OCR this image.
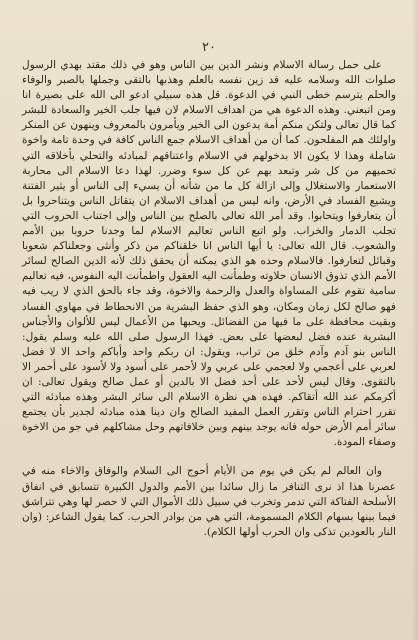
٢٠

على حمل رسالة الاسلام ونشر الدين بين الناس وهو في ذلك مقتد بهدي الرسول صلوات الله وسلامه عليه قد زين نفسه بالعلم وهذبها بالتقى وجملها بالصبر والوفاء والحلم يترسم خطى النبي في الدعوة. قل هذه سبيلي ادعو الى الله على بصيرة انا ومن اتبعني. وهذه الدعوة هي من اهداف الاسلام لان فيها جلب الخير والسعادة للبشر كما قال تعالى ولتكن منكم أمة يدعون الى الخير ويأمرون بالمعروف وينهون عن المنكر واولئك هم المفلحون. كما أن من أهداف الاسلام جمع الناس كافة في وحدة تامة واخوة شاملة وهذا لا يكون الا بدخولهم في الاسلام واعتناقهم لمبادئه والتحلي بأخلاقه التي تحميهم من كل شر وتبعد بهم عن كل سوء وضرر. لهذا دعا الاسلام الى محاربة الاستعمار والاستغلال وإلى ازالة كل ما من شأنه أن يسيء إلى الناس أو يثير الفتنة ويشيع الفساد في الأرض، وانه ليس من أهداف الاسلام ان يتقاتل الناس ويتناحروا بل أن يتعارفوا ويتحابوا. وقد أمر الله تعالى بالصلح بين الناس وإلى اجتناب الحروب التي تجلب الدمار والخراب. ولو اتبع الناس تعاليم الاسلام لما وجدنا حروبا بين الأمم والشعوب. قال الله تعالى: يا أيها الناس انا خلقناكم من ذكر وأنثى وجعلناكم شعوبا وقبائل لتعارفوا. فالاسلام وحده هو الذي يمكنه أن يحقق ذلك لأنه الدين الصالح لسائر الأمم الذي تذوق الانسان حلاوته وطمأنت اليه العقول واطمأنت اليه النفوس، فيه تعاليم سامية تقوم على المساواة والعدل والرحمة والاخوة، وقد جاء بالحق الذي لا ريب فيه فهو صالح لكل زمان ومكان، وهو الذي حفظ البشرية من الانحطاط في مهاوي الفساد وبقيت محافظة على ما فيها من الفضائل. ويحبها من الأعمال ليس للألوان والأجناس البشرية عنده فضل لبعضها على بعض. فهذا الرسول صلى الله عليه وسلم يقول: الناس بنو آدم وآدم خلق من تراب، ويقول: ان ربكم واحد وأباكم واحد الا لا فضل لعربي على أعجمي ولا لعجمي على عربي ولا لأحمر على أسود ولا لأسود على أحمر الا بالتقوى. وقال ليس لأحد على أحد فضل الا بالدين أو عمل صالح ويقول تعالى: ان أكرمكم عند الله أتقاكم. فهذه هي نظرة الاسلام الى سائر البشر وهذه مبادئه التي تقرر احترام الناس وتقرر العمل المفيد الصالح وان دينا هذه مبادئه لجدير بأن يجتمع سائر أمم الأرض حوله فانه يوجد بينهم وبين خلافاتهم وحل مشاكلهم في جو من الاخوة وصفاء المودة.

وان العالم لم يكن في يوم من الأيام أحوج الى السلام والوفاق والاخاء منه في عصرنا هذا اذ نرى التنافر ما زال سائدا بين الأمم والدول الكبيرة تتسابق في انفاق الأسلحة الفتاكة التي تدمر وتخرب في سبيل ذلك الأموال التي لا حصر لها وهي تتراشق فيما بينها بسهام الكلام المسمومة، التي هي من بوادر الحرب. كما يقول الشاعر: (وان النار بالعودين تذكى وان الحرب أولها الكلام).
